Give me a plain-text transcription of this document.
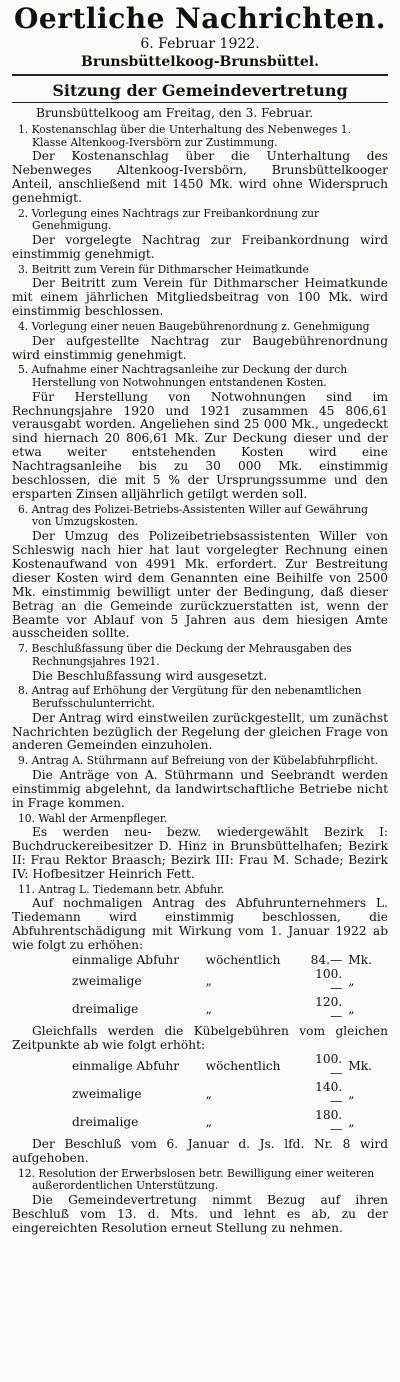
Oertliche Nachrichten.
6. Februar 1922.
Brunsbüttelkoog-Brunsbüttel.
Sitzung der Gemeindevertretung

Brunsbüttelkoog am Freitag, den 3. Februar.

1. Kostenanschlag über die Unterhaltung des Nebenweges 1. Klasse Altenkoog-Iversbörn zur Zustimmung.

Der Kostenanschlag über die Unterhaltung des Nebenweges Altenkoog-Iversbörn, Brunsbüttelkooger Anteil, anschließend mit 1450 Mk. wird ohne Widerspruch genehmigt.

2. Vorlegung eines Nachtrags zur Freibankordnung zur Genehmigung.

Der vorgelegte Nachtrag zur Freibankordnung wird einstimmig genehmigt.

3. Beitritt zum Verein für Dithmarscher Heimatkunde

Der Beitritt zum Verein für Dithmarscher Heimatkunde mit einem jährlichen Mitgliedsbeitrag von 100 Mk. wird einstimmig beschlossen.

4. Vorlegung einer neuen Baugebührenordnung z. Genehmigung

Der aufgestellte Nachtrag zur Baugebührenordnung wird einstimmig genehmigt.

5. Aufnahme einer Nachtragsanleihe zur Deckung der durch Herstellung von Notwohnungen entstandenen Kosten.

Für Herstellung von Notwohnungen sind im Rechnungsjahre 1920 und 1921 zusammen 45 806,61 verausgabt worden. Angeliehen sind 25 000 Mk., ungedeckt sind hiernach 20 806,61 Mk. Zur Deckung dieser und der etwa weiter entstehenden Kosten wird eine Nachtragsanleihe bis zu 30 000 Mk. einstimmig beschlossen, die mit 5 % der Ursprungssumme und den ersparten Zinsen alljährlich getilgt werden soll.

6. Antrag des Polizei-Betriebs-Assistenten Willer auf Gewährung von Umzugskosten.

Der Umzug des Polizeibetriebsassistenten Willer von Schleswig nach hier hat laut vorgelegter Rechnung einen Kostenaufwand von 4991 Mk. erfordert. Zur Bestreitung dieser Kosten wird dem Genannten eine Beihilfe von 2500 Mk. einstimmig bewilligt unter der Bedingung, daß dieser Betrag an die Gemeinde zurückzuerstatten ist, wenn der Beamte vor Ablauf von 5 Jahren aus dem hiesigen Amte ausscheiden sollte.

7. Beschlußfassung über die Deckung der Mehrausgaben des Rechnungsjahres 1921.

Die Beschlußfassung wird ausgesetzt.

8. Antrag auf Erhöhung der Vergütung für den nebenamtlichen Berufsschulunterricht.

Der Antrag wird einstweilen zurückgestellt, um zunächst Nachrichten bezüglich der Regelung der gleichen Frage von anderen Gemeinden einzuholen.

9. Antrag A. Stührmann auf Befreiung von der Kübelabfuhrpflicht.

Die Anträge von A. Stührmann und Seebrandt werden einstimmig abgelehnt, da landwirtschaftliche Betriebe nicht in Frage kommen.

10. Wahl der Armenpfleger.

Es werden neu- bezw. wiedergewählt Bezirk I: Buchdruckereibesitzer D. Hinz in Brunsbüttelhafen; Bezirk II: Frau Rektor Braasch; Bezirk III: Frau M. Schade; Bezirk IV: Hofbesitzer Heinrich Fett.

11. Antrag L. Tiedemann betr. Abfuhr.

Auf nochmaligen Antrag des Abfuhrunternehmers L. Tiedemann wird einstimmig beschlossen, die Abfuhrentschädigung mit Wirkung vom 1. Januar 1922 ab wie folgt zu erhöhen:

einmalige Abfuhr	wöchentlich	84.—	Mk.
zweimalige	„	100.—	„
dreimalige	„	120.—	„

Gleichfalls werden die Kübelgebühren vom gleichen Zeitpunkte ab wie folgt erhöht:

einmalige Abfuhr	wöchentlich	100.—	Mk.
zweimalige	„	140.—	„
dreimalige	„	180.—	„

Der Beschluß vom 6. Januar d. Js. lfd. Nr. 8 wird aufgehoben.

12. Resolution der Erwerbslosen betr. Bewilligung einer weiteren außerordentlichen Unterstützung.

Die Gemeindevertretung nimmt Bezug auf ihren Beschluß vom 13. d. Mts. und lehnt es ab, zu der eingereichten Resolution erneut Stellung zu nehmen.
